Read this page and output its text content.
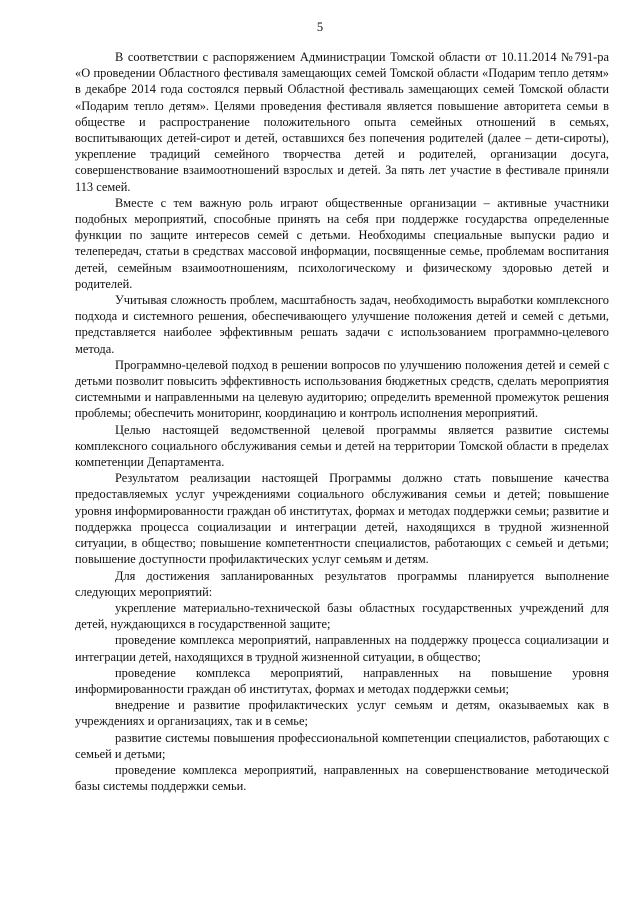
5

В соответствии с распоряжением Администрации Томской области от 10.11.2014 №791-ра «О проведении Областного фестиваля замещающих семей Томской области «Подарим тепло детям» в декабре 2014 года состоялся первый Областной фестиваль замещающих семей Томской области «Подарим тепло детям». Целями проведения фестиваля является повышение авторитета семьи в обществе и распространение положительного опыта семейных отношений в семьях, воспитывающих детей-сирот и детей, оставшихся без попечения родителей (далее – дети-сироты), укрепление традиций семейного творчества детей и родителей, организации досуга, совершенствование взаимоотношений взрослых и детей. За пять лет участие в фестивале приняли 113 семей.

Вместе с тем важную роль играют общественные организации – активные участники подобных мероприятий, способные принять на себя при поддержке государства определенные функции по защите интересов семей с детьми. Необходимы специальные выпуски радио и телепередач, статьи в средствах массовой информации, посвященные семье, проблемам воспитания детей, семейным взаимоотношениям, психологическому и физическому здоровью детей и родителей.

Учитывая сложность проблем, масштабность задач, необходимость выработки комплексного подхода и системного решения, обеспечивающего улучшение положения детей и семей с детьми, представляется наиболее эффективным решать задачи с использованием программно-целевого метода.

Программно-целевой подход в решении вопросов по улучшению положения детей и семей с детьми позволит повысить эффективность использования бюджетных средств, сделать мероприятия системными и направленными на целевую аудиторию; определить временной промежуток решения проблемы; обеспечить мониторинг, координацию и контроль исполнения мероприятий.

Целью настоящей ведомственной целевой программы является развитие системы комплексного социального обслуживания семьи и детей на территории Томской области в пределах компетенции Департамента.

Результатом реализации настоящей Программы должно стать повышение качества предоставляемых услуг учреждениями социального обслуживания семьи и детей; повышение уровня информированности граждан об институтах, формах и методах поддержки семьи; развитие и поддержка процесса социализации и интеграции детей, находящихся в трудной жизненной ситуации, в общество; повышение компетентности специалистов, работающих с семьей и детьми; повышение доступности профилактических услуг семьям и детям.

Для достижения запланированных результатов программы планируется выполнение следующих мероприятий:

укрепление материально-технической базы областных государственных учреждений для детей, нуждающихся в государственной защите;

проведение комплекса мероприятий, направленных на поддержку процесса социализации и интеграции детей, находящихся в трудной жизненной ситуации, в общество;

проведение комплекса мероприятий, направленных на повышение уровня информированности граждан об институтах, формах и методах поддержки семьи;

внедрение и развитие профилактических услуг семьям и детям, оказываемых как в учреждениях и организациях, так и в семье;

развитие системы повышения профессиональной компетенции специалистов, работающих с семьей и детьми;

проведение комплекса мероприятий, направленных на совершенствование методической базы системы поддержки семьи.
